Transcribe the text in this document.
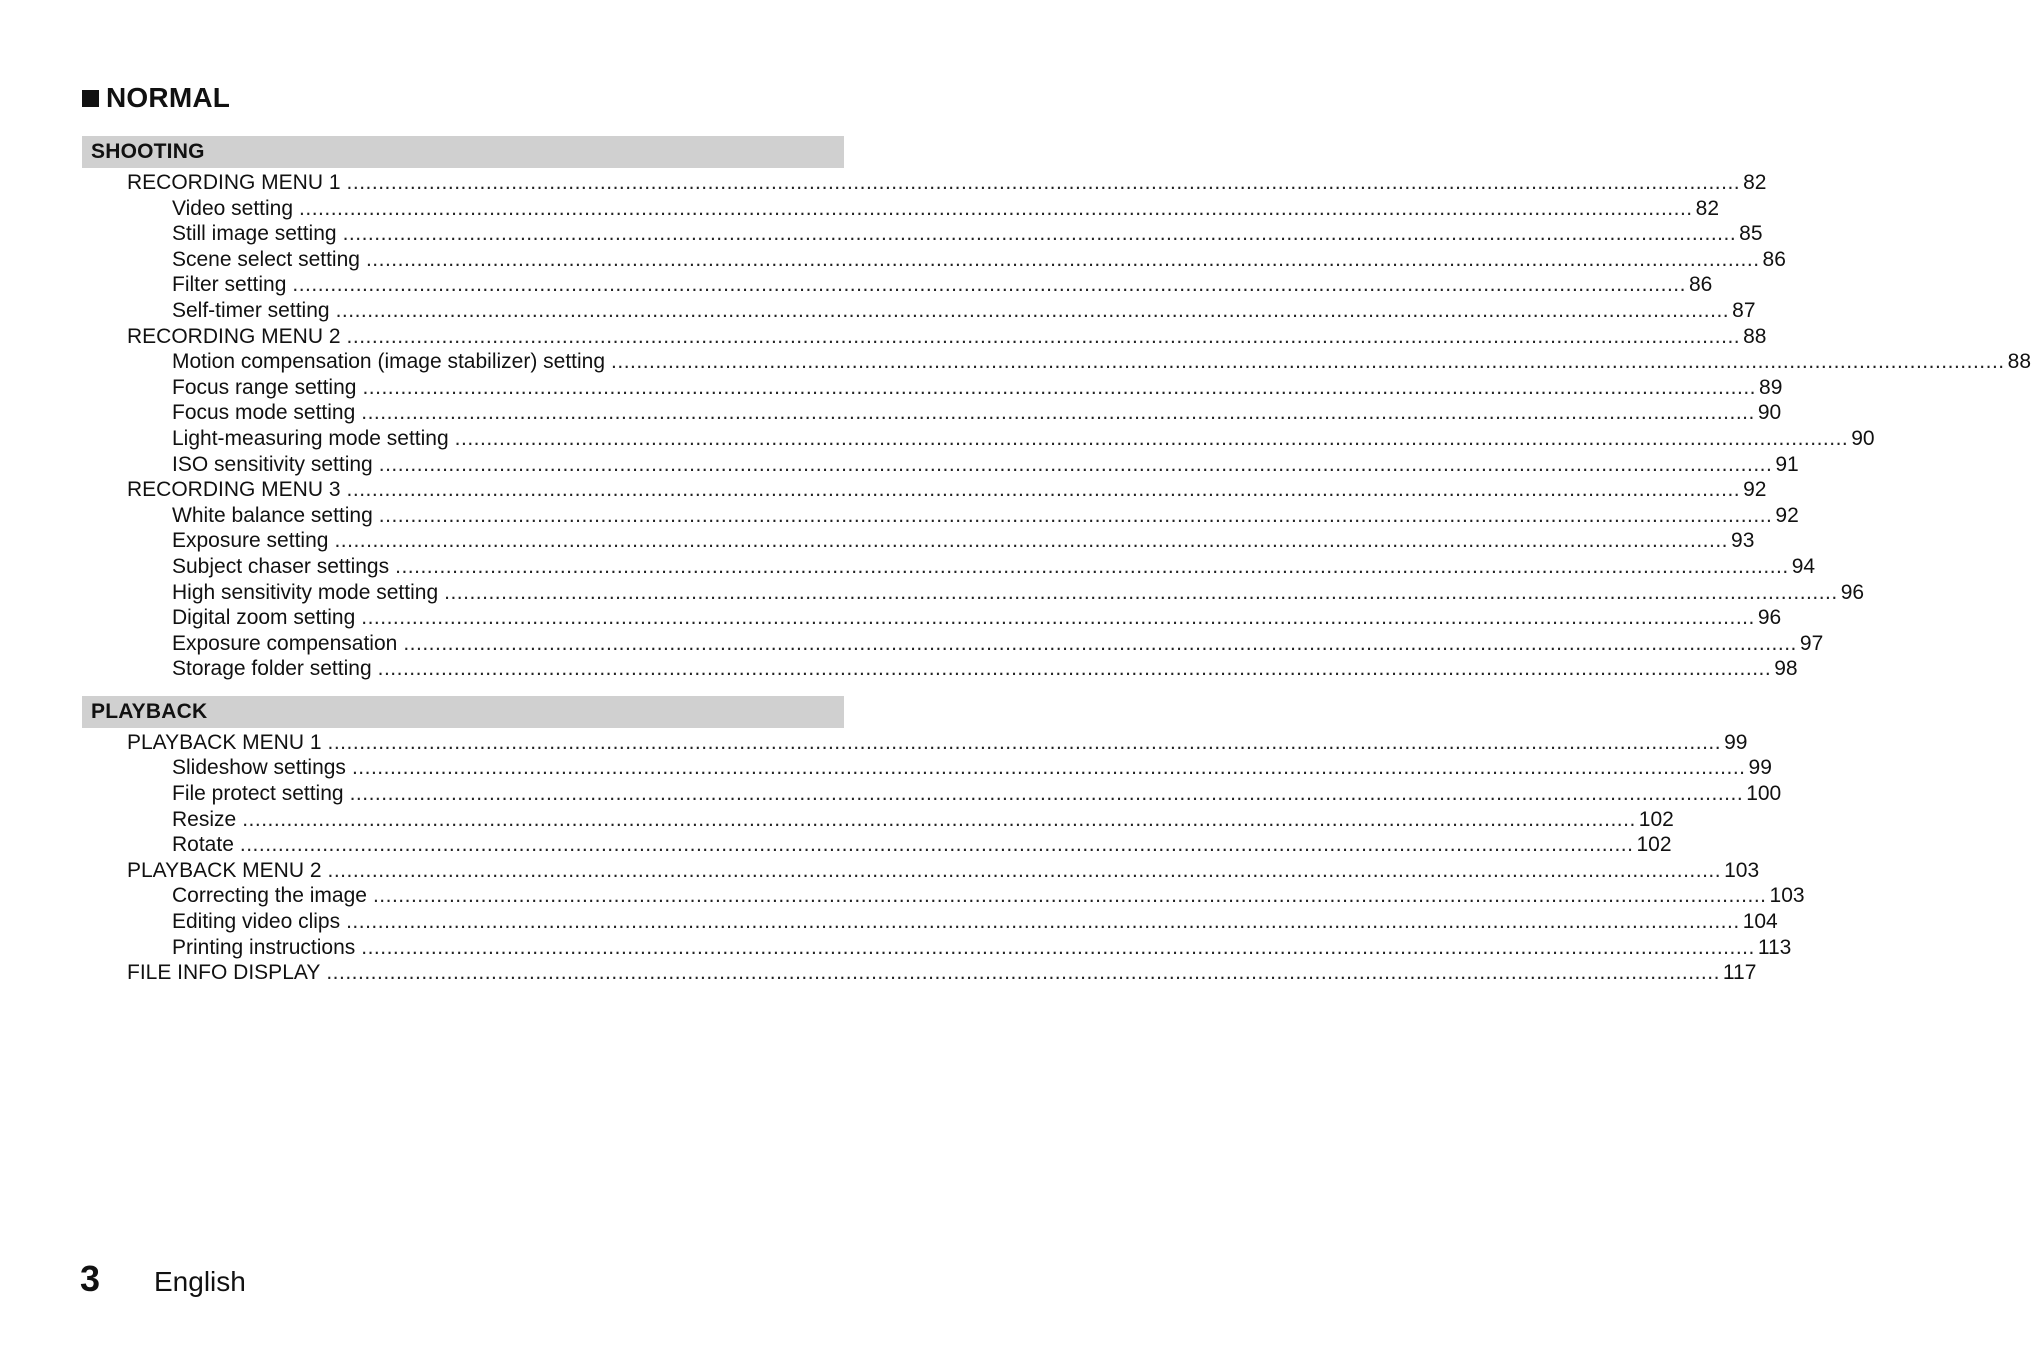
NORMAL
SHOOTING
RECORDING MENU 1 ............................................................................................................................................................................................................................ 82
Video setting ............................................................................................................................................................................................................................ 82
Still image setting ............................................................................................................................................................................................................................ 85
Scene select setting ............................................................................................................................................................................................................................ 86
Filter setting ............................................................................................................................................................................................................................ 86
Self-timer setting ............................................................................................................................................................................................................................ 87
RECORDING MENU 2 ............................................................................................................................................................................................................................ 88
Motion compensation (image stabilizer) setting ............................................................................................................................................................................................................................ 88
Focus range setting ............................................................................................................................................................................................................................ 89
Focus mode setting ............................................................................................................................................................................................................................ 90
Light-measuring mode setting ............................................................................................................................................................................................................................ 90
ISO sensitivity setting ............................................................................................................................................................................................................................ 91
RECORDING MENU 3 ............................................................................................................................................................................................................................ 92
White balance setting ............................................................................................................................................................................................................................ 92
Exposure setting ............................................................................................................................................................................................................................ 93
Subject chaser settings ............................................................................................................................................................................................................................ 94
High sensitivity mode setting ............................................................................................................................................................................................................................ 96
Digital zoom setting ............................................................................................................................................................................................................................ 96
Exposure compensation ............................................................................................................................................................................................................................ 97
Storage folder setting ............................................................................................................................................................................................................................ 98
PLAYBACK
PLAYBACK MENU 1 ............................................................................................................................................................................................................................ 99
Slideshow settings ............................................................................................................................................................................................................................ 99
File protect setting ............................................................................................................................................................................................................................ 100
Resize ............................................................................................................................................................................................................................ 102
Rotate ............................................................................................................................................................................................................................ 102
PLAYBACK MENU 2 ............................................................................................................................................................................................................................ 103
Correcting the image ............................................................................................................................................................................................................................ 103
Editing video clips ............................................................................................................................................................................................................................ 104
Printing instructions ............................................................................................................................................................................................................................ 113
FILE INFO DISPLAY ............................................................................................................................................................................................................................ 117
3 English
